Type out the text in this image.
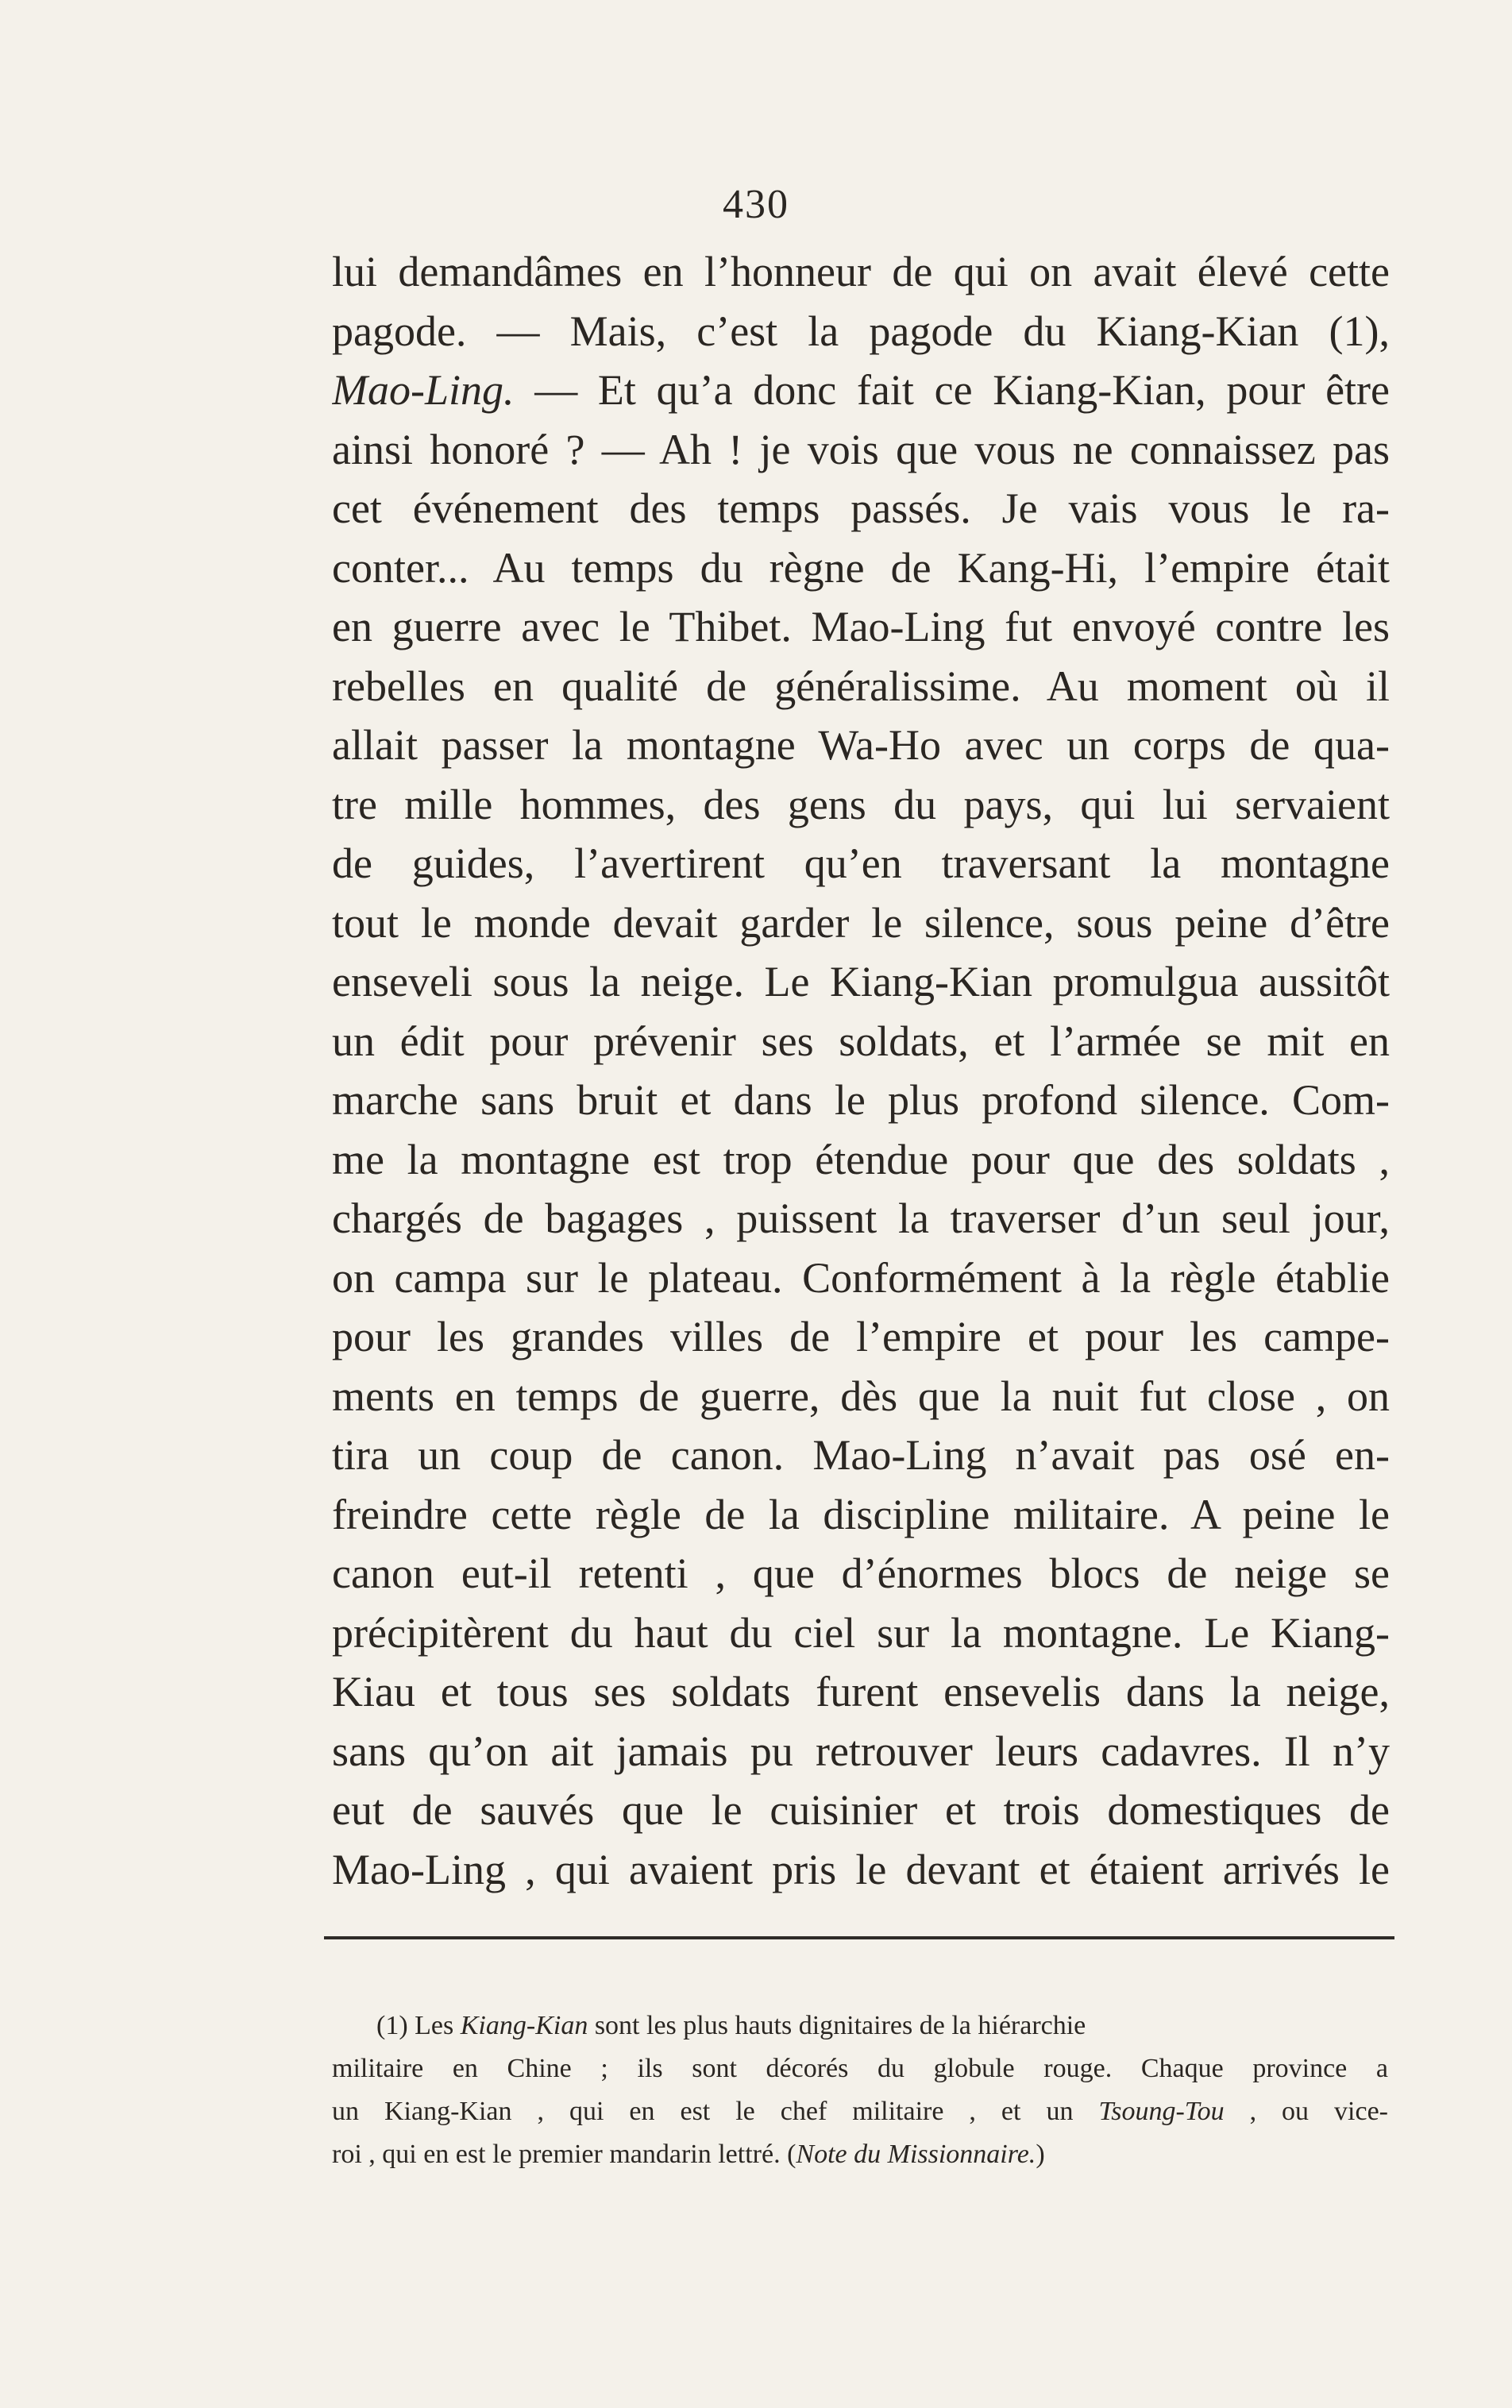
430
lui demandâmes en l’honneur de qui on avait élevé cette
pagode. — Mais, c’est la pagode du Kiang-Kian (1),
Mao-Ling. — Et qu’a donc fait ce Kiang-Kian, pour être
ainsi honoré ? — Ah ! je vois que vous ne connaissez pas
cet événement des temps passés. Je vais vous le ra-
conter... Au temps du règne de Kang-Hi, l’empire était
en guerre avec le Thibet. Mao-Ling fut envoyé contre les
rebelles en qualité de généralissime. Au moment où il
allait passer la montagne Wa-Ho avec un corps de qua-
tre mille hommes, des gens du pays, qui lui servaient
de guides, l’avertirent qu’en traversant la montagne
tout le monde devait garder le silence, sous peine d’être
enseveli sous la neige. Le Kiang-Kian promulgua aussitôt
un édit pour prévenir ses soldats, et l’armée se mit en
marche sans bruit et dans le plus profond silence. Com-
me la montagne est trop étendue pour que des soldats ,
chargés de bagages , puissent la traverser d’un seul jour,
on campa sur le plateau. Conformément à la règle établie
pour les grandes villes de l’empire et pour les campe-
ments en temps de guerre, dès que la nuit fut close , on
tira un coup de canon. Mao-Ling n’avait pas osé en-
freindre cette règle de la discipline militaire. A peine le
canon eut-il retenti , que d’énormes blocs de neige se
précipitèrent du haut du ciel sur la montagne. Le Kiang-
Kiau et tous ses soldats furent ensevelis dans la neige,
sans qu’on ait jamais pu retrouver leurs cadavres. Il n’y
eut de sauvés que le cuisinier et trois domestiques de
Mao-Ling , qui avaient pris le devant et étaient arrivés le
(1) Les Kiang-Kian sont les plus hauts dignitaires de la hiérarchie
militaire en Chine ; ils sont décorés du globule rouge. Chaque province a
un Kiang-Kian , qui en est le chef militaire , et un Tsoung-Tou , ou vice-
roi , qui en est le premier mandarin lettré. (Note du Missionnaire.)
